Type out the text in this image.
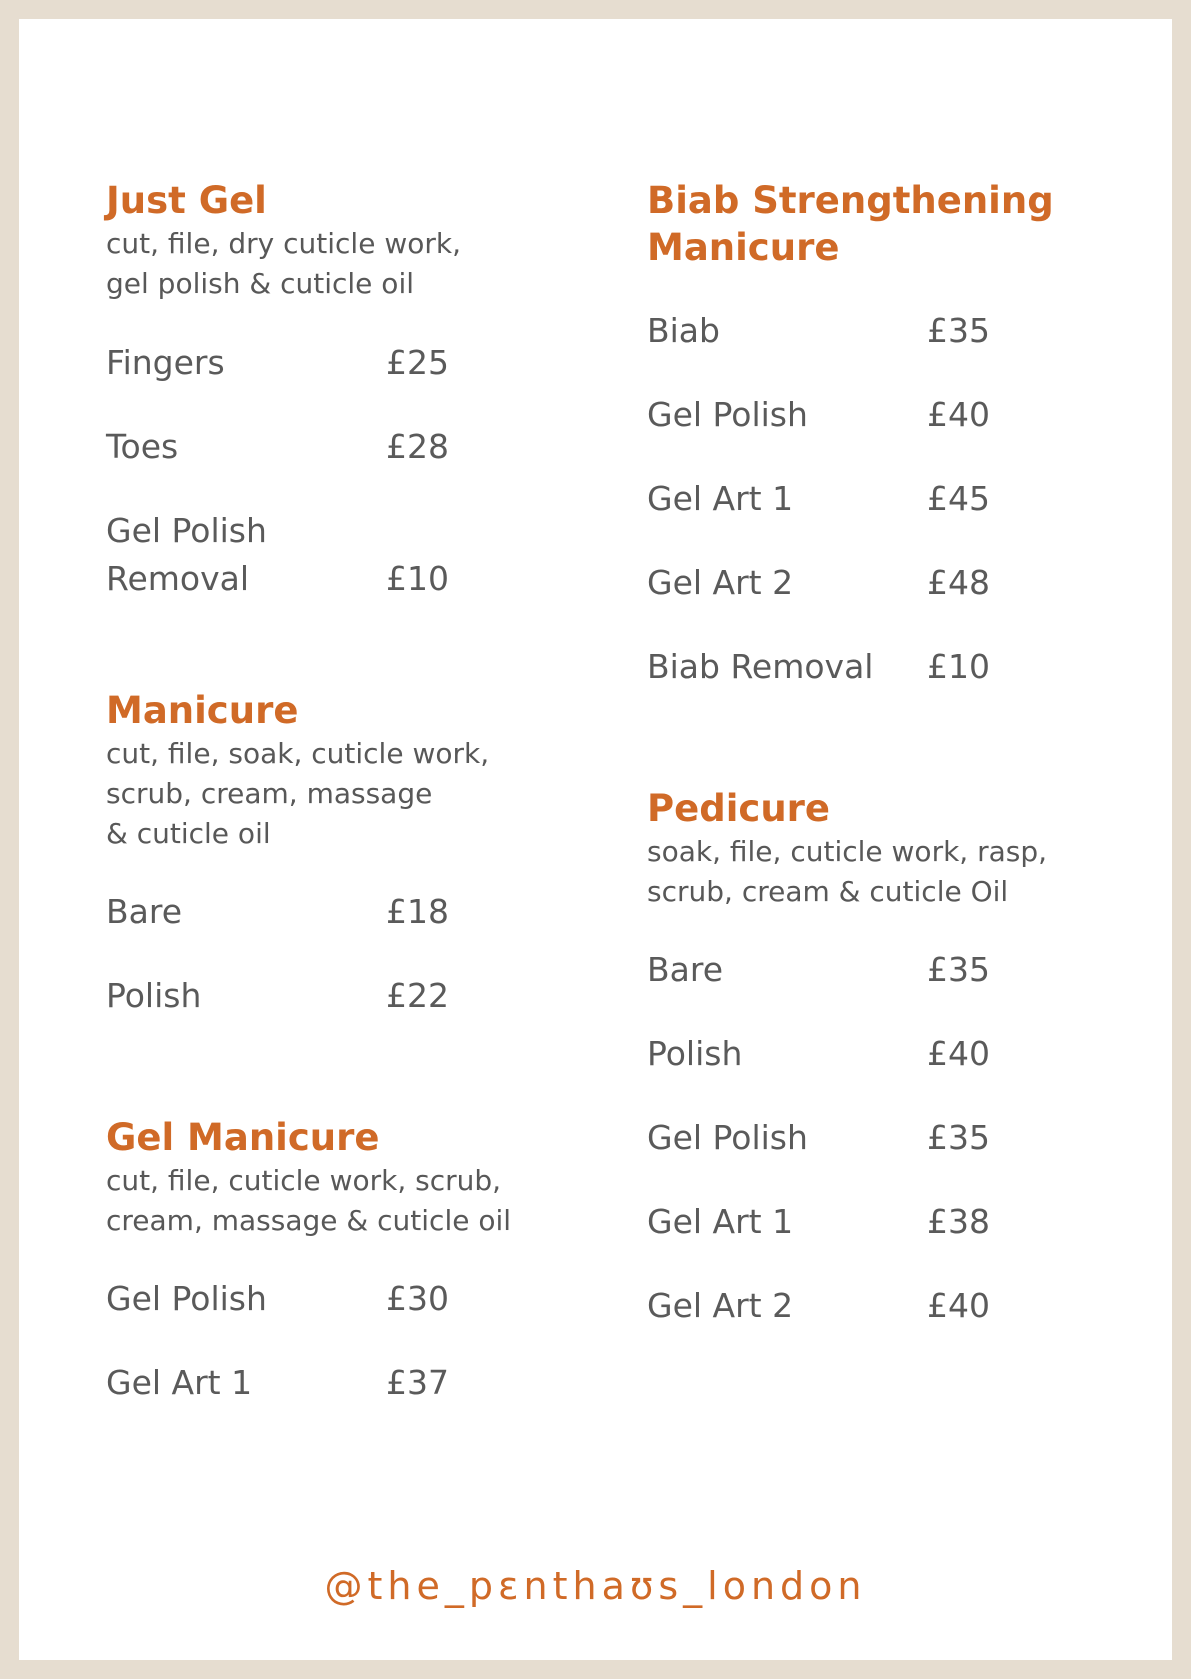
Just Gel

cut, file, dry cuticle work,
gel polish & cuticle oil

Fingers	£25
Toes	£28
Gel Polish
Removal	£10
Manicure

cut, file, soak, cuticle work,
scrub, cream, massage
& cuticle oil

Bare	£18
Polish	£22
Gel Manicure

cut, file, cuticle work, scrub,
cream, massage & cuticle oil

Gel Polish	£30
Gel Art 1	£37
Biab Strengthening
Manicure
Biab	£35
Gel Polish	£40
Gel Art 1	£45
Gel Art 2	£48
Biab Removal	£10
Pedicure

soak, file, cuticle work, rasp,
scrub, cream & cuticle Oil

Bare	£35
Polish	£40
Gel Polish	£35
Gel Art 1	£38
Gel Art 2	£40
@the_pεnthaʊs_london
